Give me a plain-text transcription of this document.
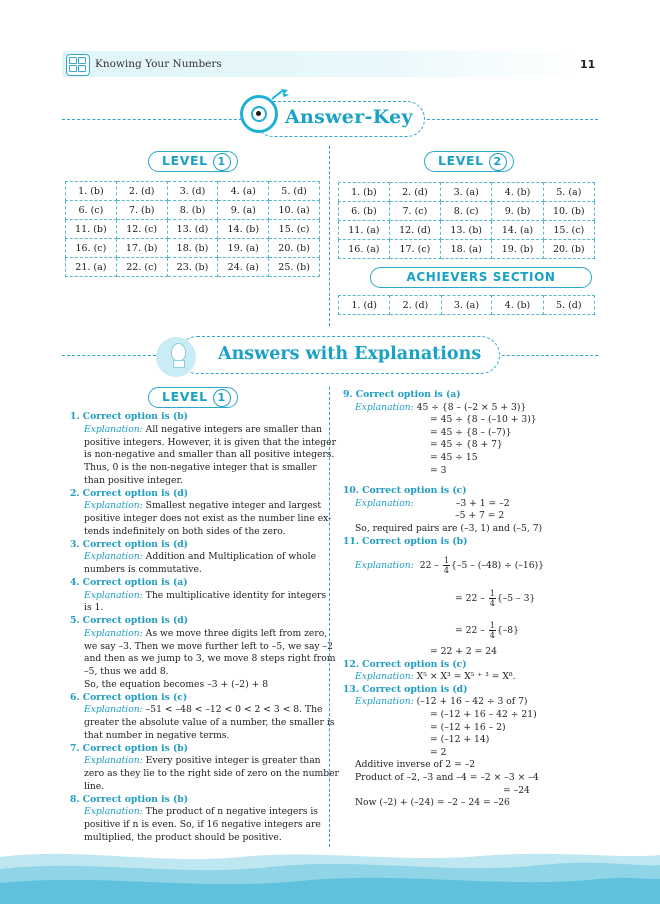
Knowing Your Numbers	11
Answer-Key
LEVEL 1	LEVEL 2
1. (b)	2. (d)	3. (d)	4. (a)	5. (d)
6. (c)	7. (b)	8. (b)	9. (a)	10. (a)
11. (b)	12. (c)	13. (d)	14. (b)	15. (c)
16. (c)	17. (b)	18. (b)	19. (a)	20. (b)
21. (a)	22. (c)	23. (b)	24. (a)	25. (b)
1. (b)	2. (d)	3. (a)	4. (b)	5. (a)
6. (b)	7. (c)	8. (c)	9. (b)	10. (b)
11. (a)	12. (d)	13. (b)	14. (a)	15. (c)
16. (a)	17. (c)	18. (a)	19. (b)	20. (b)
ACHIEVERS SECTION
1. (d)	2. (d)	3. (a)	4. (b)	5. (d)
Answers with Explanations
LEVEL 1
1. Correct option is (b)
Explanation: All negative integers are smaller than
positive integers. However, it is given that the integer
is non-negative and smaller than all positive integers.
Thus, 0 is the non-negative integer that is smaller
than positive integer.
2. Correct option is (d)
Explanation: Smallest negative integer and largest
positive integer does not exist as the number line ex-
tends indefinitely on both sides of the zero.
3. Correct option is (d)
Explanation: Addition and Multiplication of whole
numbers is commutative.
4. Correct option is (a)
Explanation: The multiplicative identity for integers
is 1.
5. Correct option is (d)
Explanation: As we move three digits left from zero,
we say –3. Then we move further left to –5, we say –2
and then as we jump to 3, we move 8 steps right from
–5, thus we add 8.
So, the equation becomes –3 + (–2) + 8
6. Correct option is (c)
Explanation: –51 < –48 < –12 < 0 < 2 < 3 < 8. The
greater the absolute value of a number, the smaller is
that number in negative terms.
7. Correct option is (b)
Explanation: Every positive integer is greater than
zero as they lie to the right side of zero on the number
line.
8. Correct option is (b)
Explanation: The product of n negative integers is
positive if n is even. So, if 16 negative integers are
multiplied, the product should be positive.
9. Correct option is (a)
Explanation: 45 ÷ {8 – (–2 × 5 + 3)}
= 45 ÷ {8 – (–10 + 3)}
= 45 ÷ {8 – (–7)}
= 45 ÷ {8 + 7}
= 45 ÷ 15
= 3
10. Correct option is (c)
Explanation:	–3 + 1 = –2
–5 + 7 = 2
So, required pairs are (–3, 1) and (–5, 7)
11. Correct option is (b)
Explanation: $22 - \frac{1}{4} \{-5 - (-48) \div (-16)\}$
= $22 - \frac{1}{4} \{-5 - 3\}$
= $22 - \frac{1}{4} \{-8\}$
= 22 + 2 = 24
12. Correct option is (c)
Explanation: X⁵ × X³ = X⁵ ⁺ ³ = X⁸.
13. Correct option is (d)
Explanation: (–12 + 16 – 42 ÷ 3 of 7)
= (–12 + 16 – 42 ÷ 21)
= (–12 + 16 – 2)
= (–12 + 14)
= 2
Additive inverse of 2 = –2
Product of –2, –3 and –4 = –2 × –3 × –4
= –24
Now (–2) + (–24) = –2 – 24 = –26
